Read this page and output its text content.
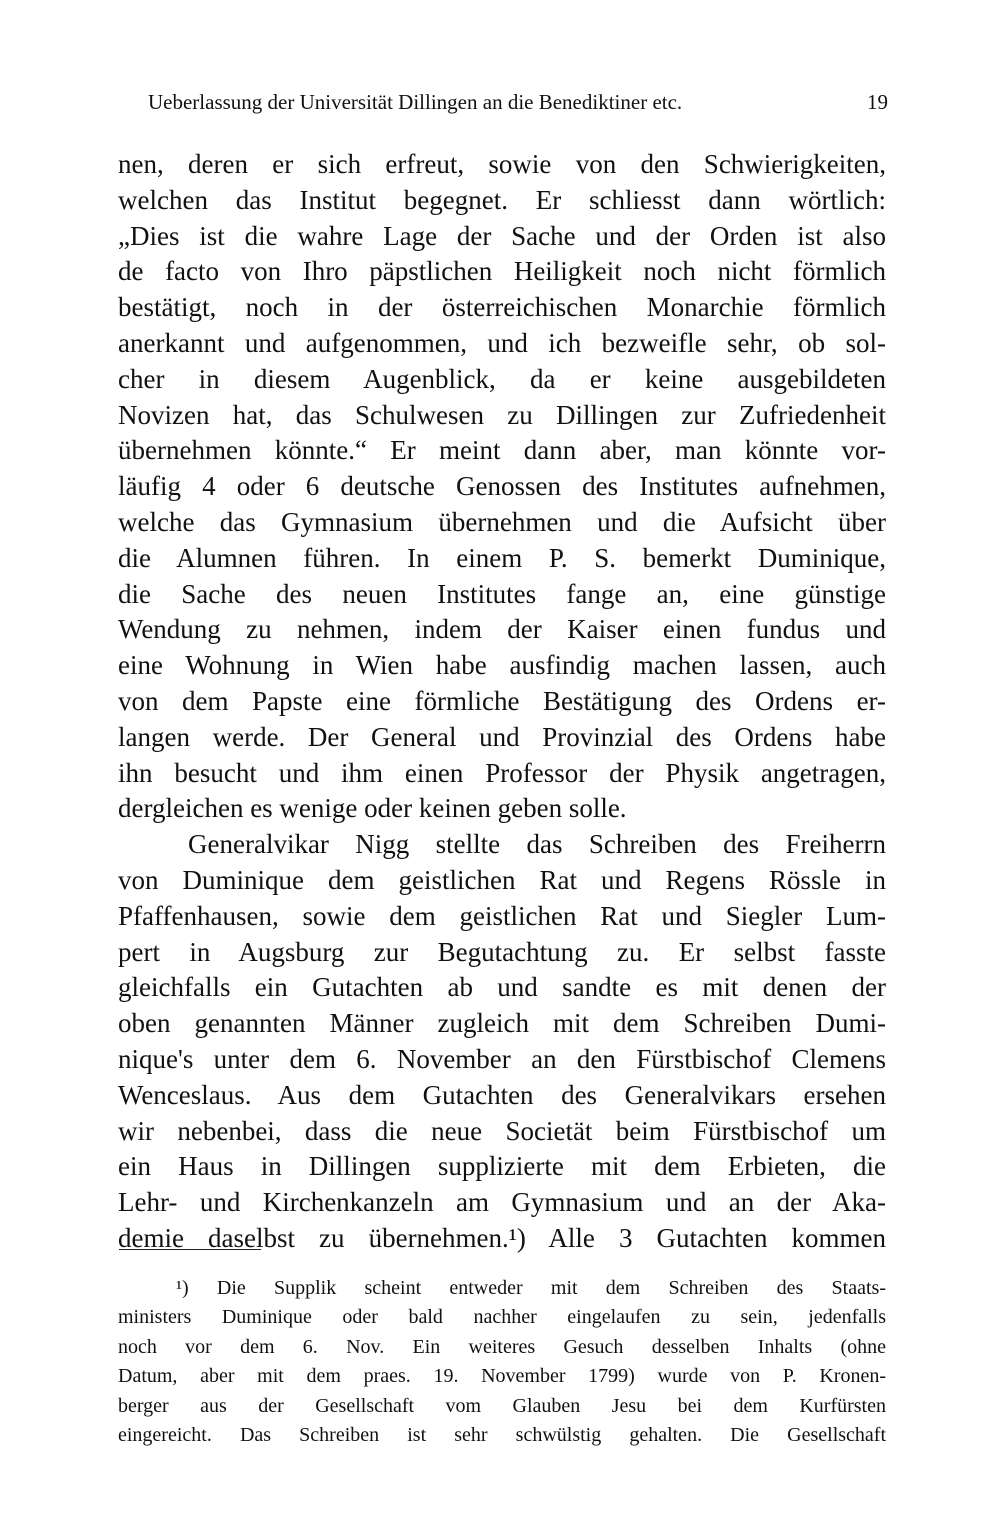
Ueberlassung der Universität Dillingen an die Benediktiner etc.	19
nen, deren er sich erfreut, sowie von den Schwierigkeiten,
welchen das Institut begegnet. Er schliesst dann wörtlich:
„Dies ist die wahre Lage der Sache und der Orden ist also
de facto von Ihro päpstlichen Heiligkeit noch nicht förmlich
bestätigt, noch in der österreichischen Monarchie förmlich
anerkannt und aufgenommen, und ich bezweifle sehr, ob sol-
cher in diesem Augenblick, da er keine ausgebildeten
Novizen hat, das Schulwesen zu Dillingen zur Zufriedenheit
übernehmen könnte.“ Er meint dann aber, man könnte vor-
läufig 4 oder 6 deutsche Genossen des Institutes aufnehmen,
welche das Gymnasium übernehmen und die Aufsicht über
die Alumnen führen. In einem P. S. bemerkt Duminique,
die Sache des neuen Institutes fange an, eine günstige
Wendung zu nehmen, indem der Kaiser einen fundus und
eine Wohnung in Wien habe ausfindig machen lassen, auch
von dem Papste eine förmliche Bestätigung des Ordens er-
langen werde. Der General und Provinzial des Ordens habe
ihn besucht und ihm einen Professor der Physik angetragen,
dergleichen es wenige oder keinen geben solle.
Generalvikar Nigg stellte das Schreiben des Freiherrn
von Duminique dem geistlichen Rat und Regens Rössle in
Pfaffenhausen, sowie dem geistlichen Rat und Siegler Lum-
pert in Augsburg zur Begutachtung zu. Er selbst fasste
gleichfalls ein Gutachten ab und sandte es mit denen der
oben genannten Männer zugleich mit dem Schreiben Dumi-
nique's unter dem 6. November an den Fürstbischof Clemens
Wenceslaus. Aus dem Gutachten des Generalvikars ersehen
wir nebenbei, dass die neue Societät beim Fürstbischof um
ein Haus in Dillingen supplizierte mit dem Erbieten, die
Lehr- und Kirchenkanzeln am Gymnasium und an der Aka-
demie daselbst zu übernehmen.¹) Alle 3 Gutachten kommen
¹) Die Supplik scheint entweder mit dem Schreiben des Staats-
ministers Duminique oder bald nachher eingelaufen zu sein, jedenfalls
noch vor dem 6. Nov. Ein weiteres Gesuch desselben Inhalts (ohne
Datum, aber mit dem praes. 19. November 1799) wurde von P. Kronen-
berger aus der Gesellschaft vom Glauben Jesu bei dem Kurfürsten
eingereicht. Das Schreiben ist sehr schwülstig gehalten. Die Gesellschaft
